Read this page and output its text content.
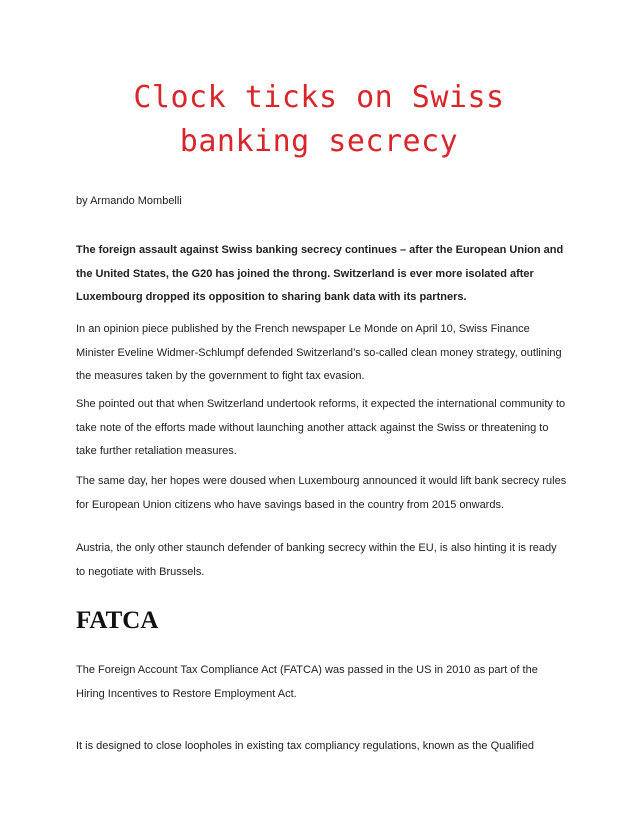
Clock ticks on Swiss banking secrecy
by Armando Mombelli

The foreign assault against Swiss banking secrecy continues – after the European Union and the United States, the G20 has joined the throng. Switzerland is ever more isolated after Luxembourg dropped its opposition to sharing bank data with its partners.

In an opinion piece published by the French newspaper Le Monde on April 10, Swiss Finance Minister Eveline Widmer-Schlumpf defended Switzerland’s so-called clean money strategy, outlining the measures taken by the government to fight tax evasion.

She pointed out that when Switzerland undertook reforms, it expected the international community to take note of the efforts made without launching another attack against the Swiss or threatening to take further retaliation measures.

The same day, her hopes were doused when Luxembourg announced it would lift bank secrecy rules for European Union citizens who have savings based in the country from 2015 onwards.

Austria, the only other staunch defender of banking secrecy within the EU, is also hinting it is ready to negotiate with Brussels.

FATCA

The Foreign Account Tax Compliance Act (FATCA) was passed in the US in 2010 as part of the Hiring Incentives to Restore Employment Act.

It is designed to close loopholes in existing tax compliancy regulations, known as the Qualified
